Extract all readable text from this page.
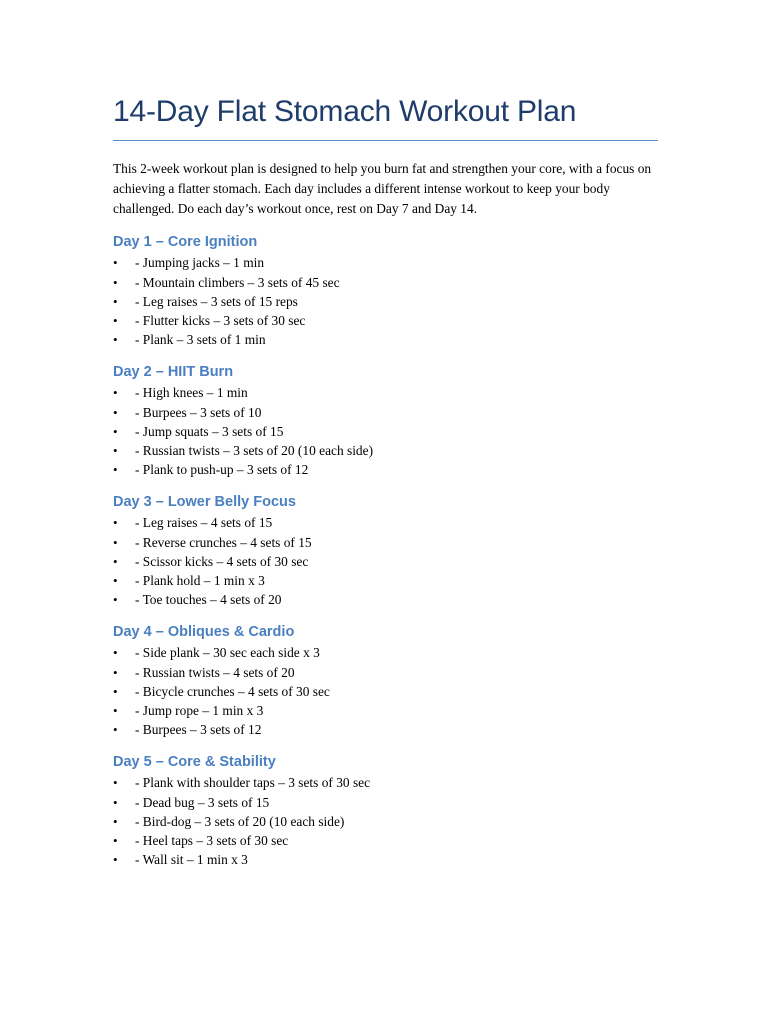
14-Day Flat Stomach Workout Plan

This 2-week workout plan is designed to help you burn fat and strengthen your core, with a focus on achieving a flatter stomach. Each day includes a different intense workout to keep your body challenged. Do each day’s workout once, rest on Day 7 and Day 14.

Day 1 – Core Ignition
• - Jumping jacks – 1 min
• - Mountain climbers – 3 sets of 45 sec
• - Leg raises – 3 sets of 15 reps
• - Flutter kicks – 3 sets of 30 sec
• - Plank – 3 sets of 1 min
Day 2 – HIIT Burn
• - High knees – 1 min
• - Burpees – 3 sets of 10
• - Jump squats – 3 sets of 15
• - Russian twists – 3 sets of 20 (10 each side)
• - Plank to push-up – 3 sets of 12
Day 3 – Lower Belly Focus
• - Leg raises – 4 sets of 15
• - Reverse crunches – 4 sets of 15
• - Scissor kicks – 4 sets of 30 sec
• - Plank hold – 1 min x 3
• - Toe touches – 4 sets of 20
Day 4 – Obliques & Cardio
• - Side plank – 30 sec each side x 3
• - Russian twists – 4 sets of 20
• - Bicycle crunches – 4 sets of 30 sec
• - Jump rope – 1 min x 3
• - Burpees – 3 sets of 12
Day 5 – Core & Stability
• - Plank with shoulder taps – 3 sets of 30 sec
• - Dead bug – 3 sets of 15
• - Bird-dog – 3 sets of 20 (10 each side)
• - Heel taps – 3 sets of 30 sec
• - Wall sit – 1 min x 3
